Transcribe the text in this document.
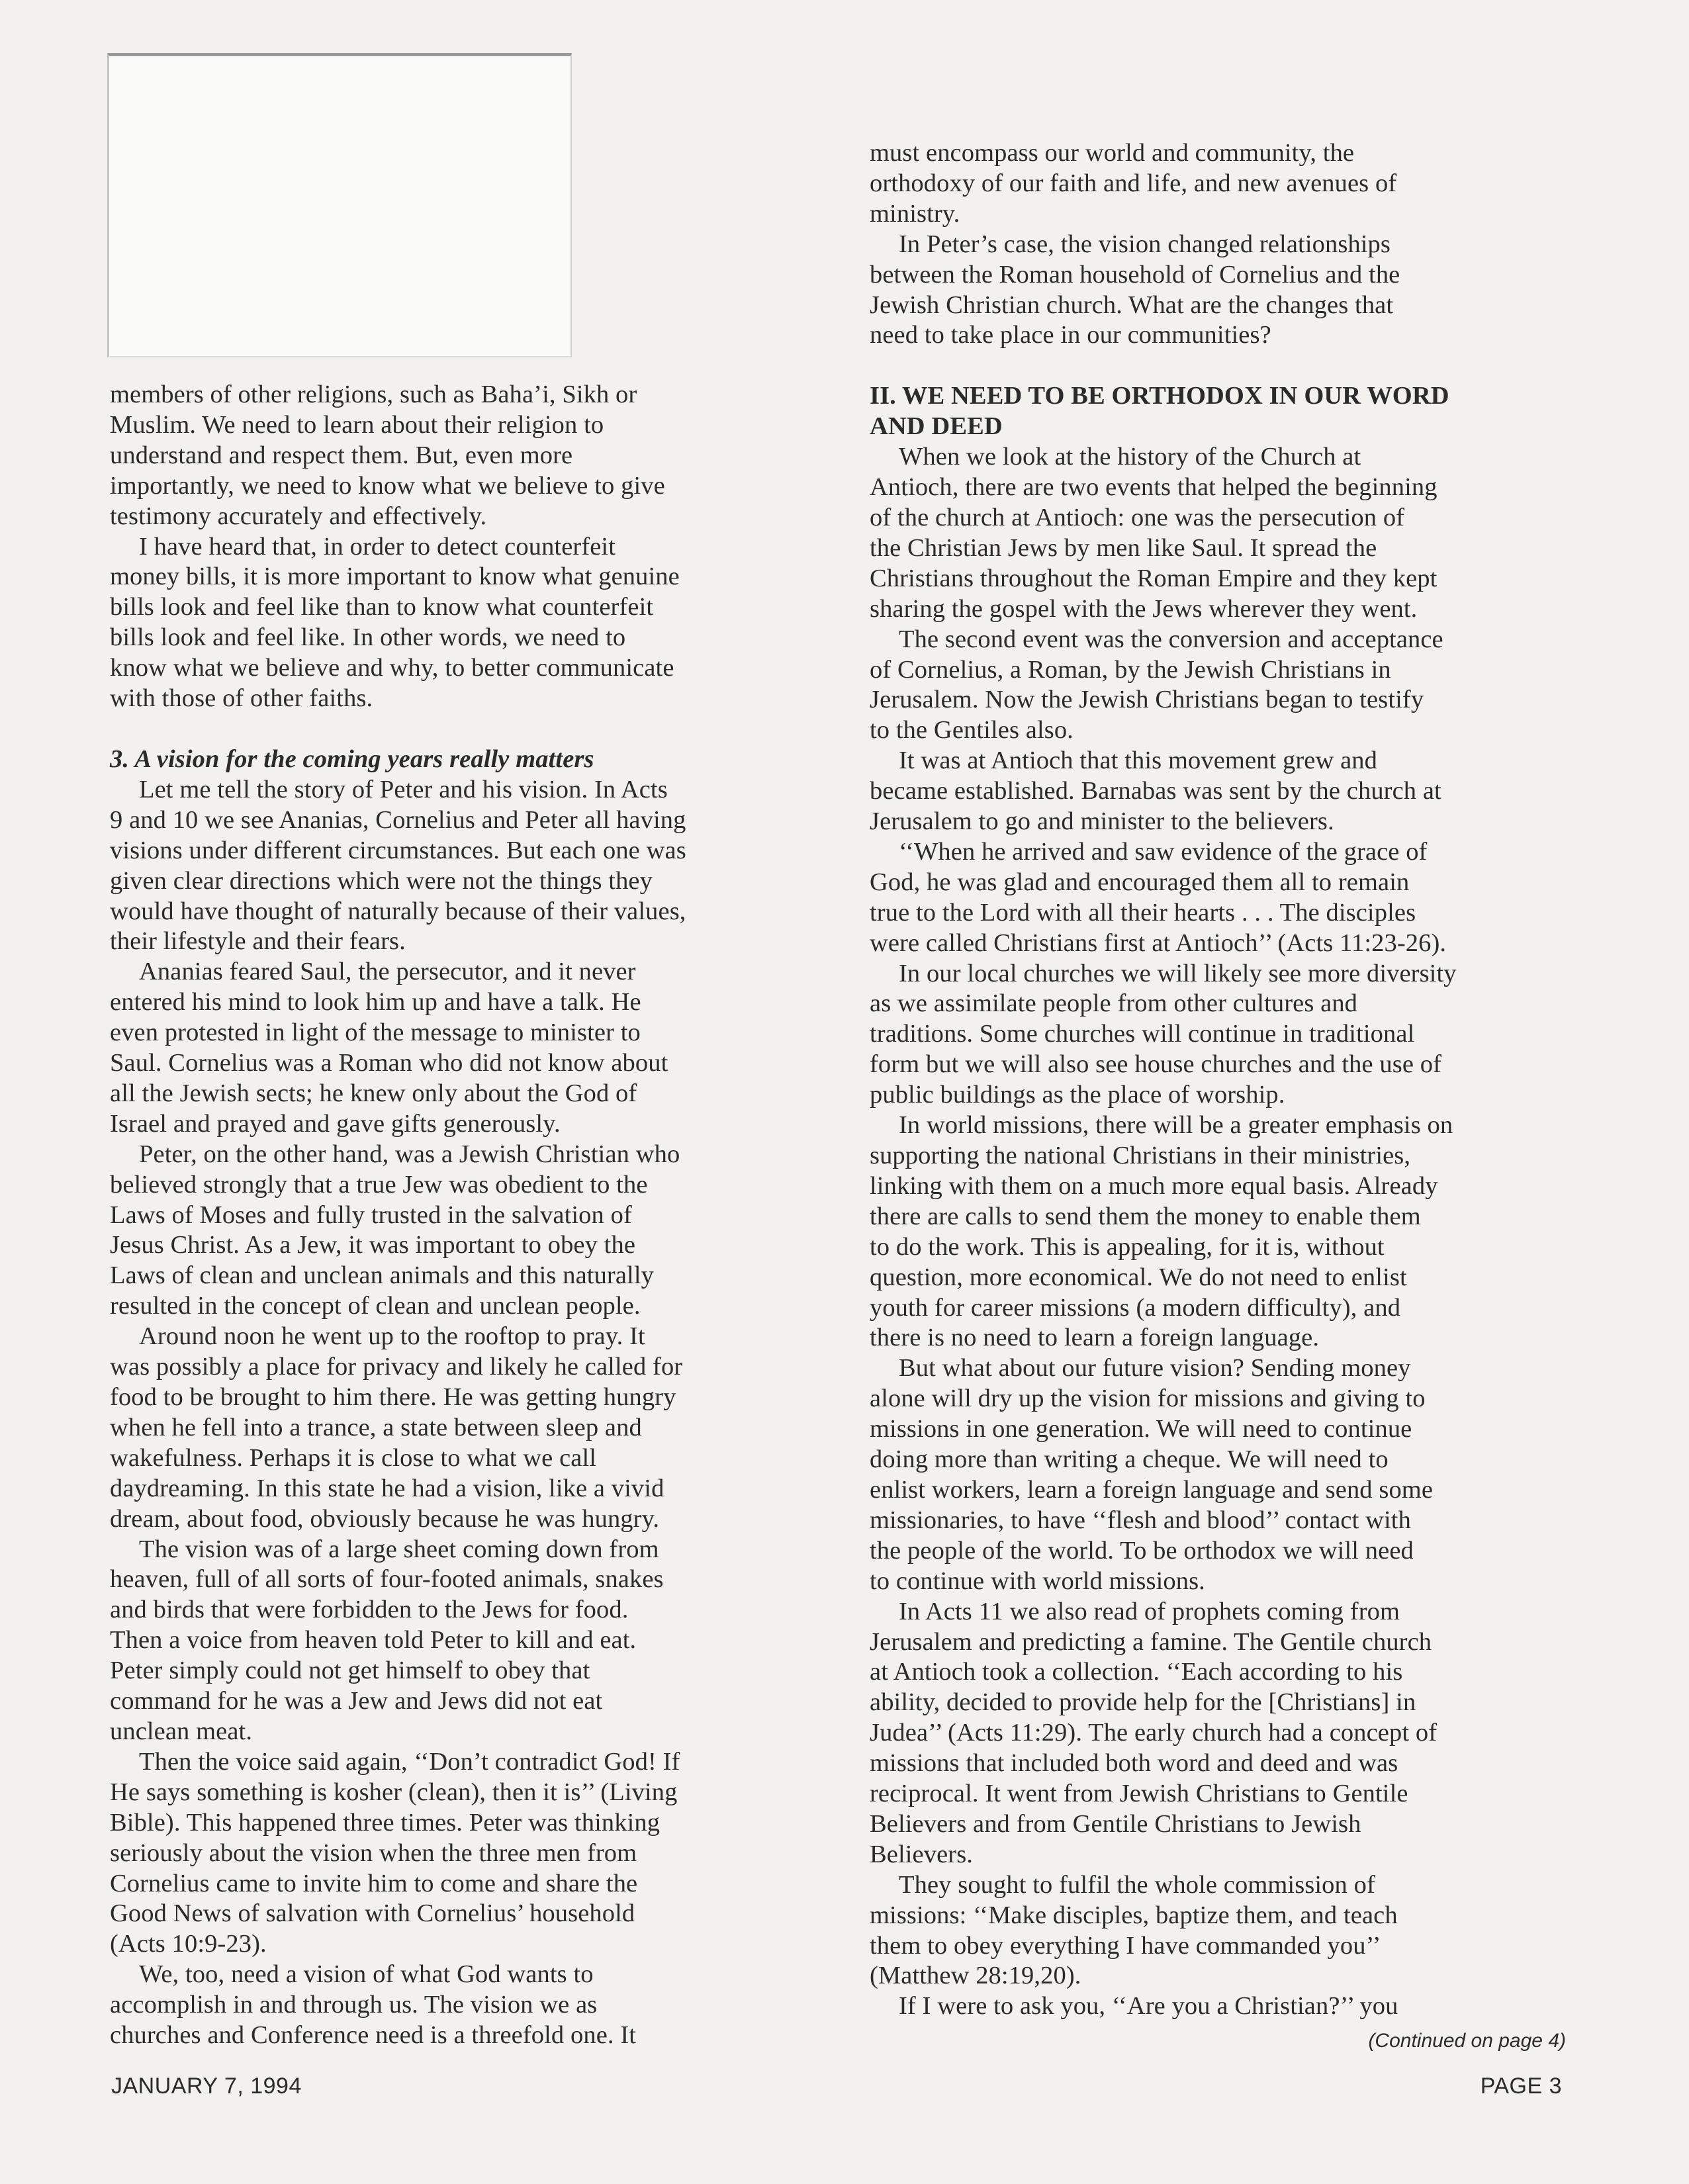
members of other religions, such as Baha’i, Sikh or
Muslim. We need to learn about their religion to
understand and respect them. But, even more
importantly, we need to know what we believe to give
testimony accurately and effectively.

I have heard that, in order to detect counterfeit
money bills, it is more important to know what genuine
bills look and feel like than to know what counterfeit
bills look and feel like. In other words, we need to
know what we believe and why, to better communicate
with those of other faiths.

3. A vision for the coming years really matters

Let me tell the story of Peter and his vision. In Acts
9 and 10 we see Ananias, Cornelius and Peter all having
visions under different circumstances. But each one was
given clear directions which were not the things they
would have thought of naturally because of their values,
their lifestyle and their fears.

Ananias feared Saul, the persecutor, and it never
entered his mind to look him up and have a talk. He
even protested in light of the message to minister to
Saul. Cornelius was a Roman who did not know about
all the Jewish sects; he knew only about the God of
Israel and prayed and gave gifts generously.

Peter, on the other hand, was a Jewish Christian who
believed strongly that a true Jew was obedient to the
Laws of Moses and fully trusted in the salvation of
Jesus Christ. As a Jew, it was important to obey the
Laws of clean and unclean animals and this naturally
resulted in the concept of clean and unclean people.

Around noon he went up to the rooftop to pray. It
was possibly a place for privacy and likely he called for
food to be brought to him there. He was getting hungry
when he fell into a trance, a state between sleep and
wakefulness. Perhaps it is close to what we call
daydreaming. In this state he had a vision, like a vivid
dream, about food, obviously because he was hungry.

The vision was of a large sheet coming down from
heaven, full of all sorts of four-footed animals, snakes
and birds that were forbidden to the Jews for food.
Then a voice from heaven told Peter to kill and eat.
Peter simply could not get himself to obey that
command for he was a Jew and Jews did not eat
unclean meat.

Then the voice said again, ‘‘Don’t contradict God! If
He says something is kosher (clean), then it is’’ (Living
Bible). This happened three times. Peter was thinking
seriously about the vision when the three men from
Cornelius came to invite him to come and share the
Good News of salvation with Cornelius’ household
(Acts 10:9-23).

We, too, need a vision of what God wants to
accomplish in and through us. The vision we as
churches and Conference need is a threefold one. It

must encompass our world and community, the
orthodoxy of our faith and life, and new avenues of
ministry.

In Peter’s case, the vision changed relationships
between the Roman household of Cornelius and the
Jewish Christian church. What are the changes that
need to take place in our communities?

II. WE NEED TO BE ORTHODOX IN OUR WORD
AND DEED

When we look at the history of the Church at
Antioch, there are two events that helped the beginning
of the church at Antioch: one was the persecution of
the Christian Jews by men like Saul. It spread the
Christians throughout the Roman Empire and they kept
sharing the gospel with the Jews wherever they went.

The second event was the conversion and acceptance
of Cornelius, a Roman, by the Jewish Christians in
Jerusalem. Now the Jewish Christians began to testify
to the Gentiles also.

It was at Antioch that this movement grew and
became established. Barnabas was sent by the church at
Jerusalem to go and minister to the believers.

‘‘When he arrived and saw evidence of the grace of
God, he was glad and encouraged them all to remain
true to the Lord with all their hearts . . . The disciples
were called Christians first at Antioch’’ (Acts 11:23-26).

In our local churches we will likely see more diversity
as we assimilate people from other cultures and
traditions. Some churches will continue in traditional
form but we will also see house churches and the use of
public buildings as the place of worship.

In world missions, there will be a greater emphasis on
supporting the national Christians in their ministries,
linking with them on a much more equal basis. Already
there are calls to send them the money to enable them
to do the work. This is appealing, for it is, without
question, more economical. We do not need to enlist
youth for career missions (a modern difficulty), and
there is no need to learn a foreign language.

But what about our future vision? Sending money
alone will dry up the vision for missions and giving to
missions in one generation. We will need to continue
doing more than writing a cheque. We will need to
enlist workers, learn a foreign language and send some
missionaries, to have ‘‘flesh and blood’’ contact with
the people of the world. To be orthodox we will need
to continue with world missions.

In Acts 11 we also read of prophets coming from
Jerusalem and predicting a famine. The Gentile church
at Antioch took a collection. ‘‘Each according to his
ability, decided to provide help for the [Christians] in
Judea’’ (Acts 11:29). The early church had a concept of
missions that included both word and deed and was
reciprocal. It went from Jewish Christians to Gentile
Believers and from Gentile Christians to Jewish
Believers.

They sought to fulfil the whole commission of
missions: ‘‘Make disciples, baptize them, and teach
them to obey everything I have commanded you’’
(Matthew 28:19,20).

If I were to ask you, ‘‘Are you a Christian?’’ you

(Continued on page 4)
JANUARY 7, 1994	PAGE 3
